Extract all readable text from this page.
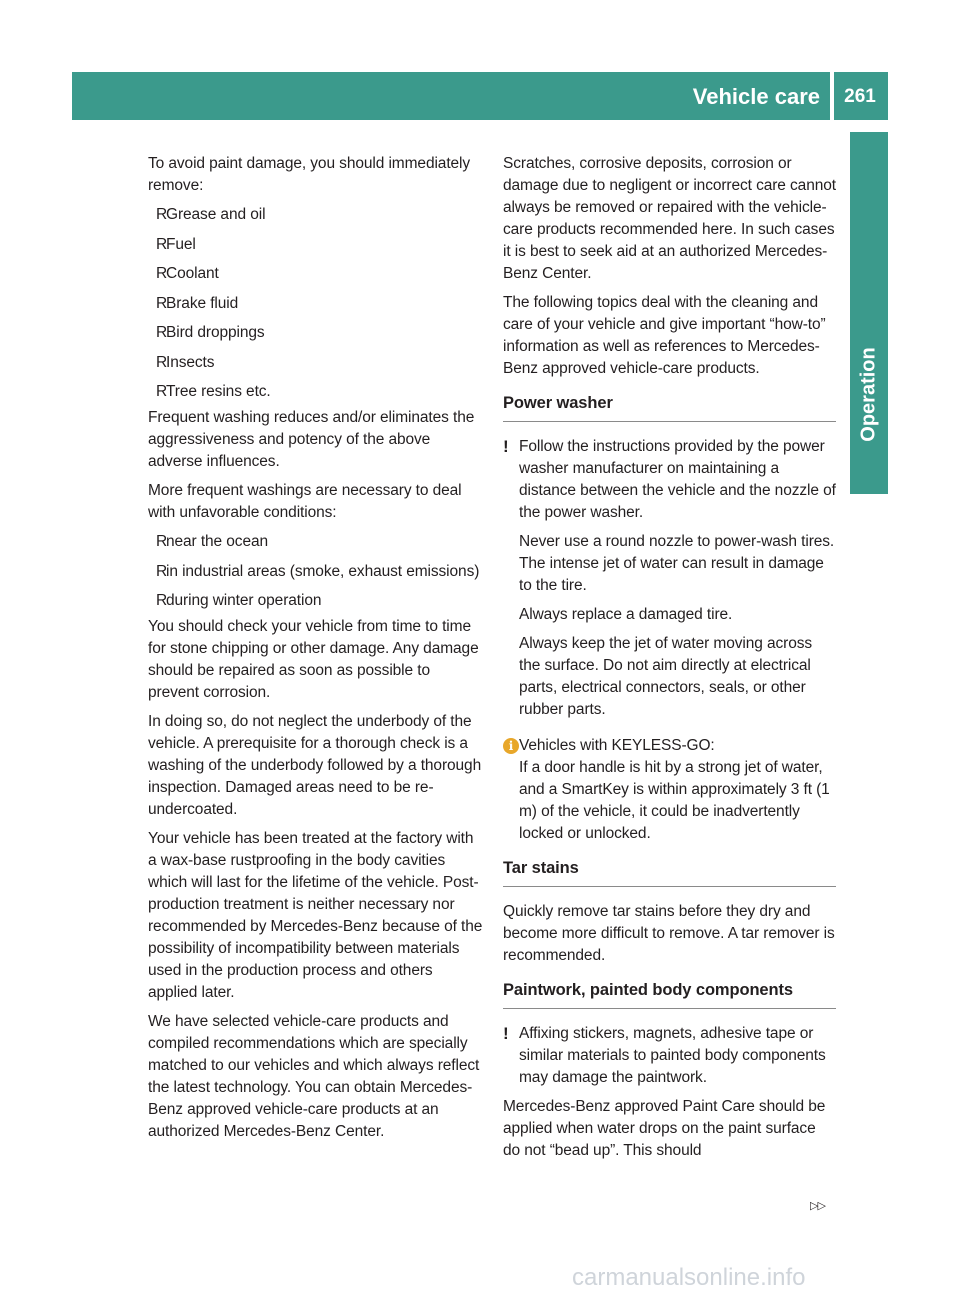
Vehicle care	261
Operation

To avoid paint damage, you should immediately remove:

RGrease and oil
RFuel
RCoolant
RBrake fluid
RBird droppings
RInsects
RTree resins etc.

Frequent washing reduces and/or eliminates the aggressiveness and potency of the above adverse influences.

More frequent washings are necessary to deal with unfavorable conditions:

Rnear the ocean
Rin industrial areas (smoke, exhaust emissions)
Rduring winter operation

You should check your vehicle from time to time for stone chipping or other damage. Any damage should be repaired as soon as possible to prevent corrosion.

In doing so, do not neglect the underbody of the vehicle. A prerequisite for a thorough check is a washing of the underbody followed by a thorough inspection. Damaged areas need to be re-undercoated.

Your vehicle has been treated at the factory with a wax-base rustproofing in the body cavities which will last for the lifetime of the vehicle. Post-production treatment is neither necessary nor recommended by Mercedes-Benz because of the possibility of incompatibility between materials used in the production process and others applied later.

We have selected vehicle-care products and compiled recommendations which are specially matched to our vehicles and which always reflect the latest technology. You can obtain Mercedes-Benz approved vehicle-care products at an authorized Mercedes-Benz Center.

Scratches, corrosive deposits, corrosion or damage due to negligent or incorrect care cannot always be removed or repaired with the vehicle-care products recommended here. In such cases it is best to seek aid at an authorized Mercedes-Benz Center.

The following topics deal with the cleaning and care of your vehicle and give important “how-to” information as well as references to Mercedes-Benz approved vehicle-care products.

Power washer
! Follow the instructions provided by the power washer manufacturer on maintaining a distance between the vehicle and the nozzle of the power washer.

Never use a round nozzle to power-wash tires. The intense jet of water can result in damage to the tire.

Always replace a damaged tire.

Always keep the jet of water moving across the surface. Do not aim directly at electrical parts, electrical connectors, seals, or other rubber parts.

i Vehicles with KEYLESS-GO:

If a door handle is hit by a strong jet of water, and a SmartKey is within approximately 3 ft (1 m) of the vehicle, it could be inadvertently locked or unlocked.

Tar stains

Quickly remove tar stains before they dry and become more difficult to remove. A tar remover is recommended.

Paintwork, painted body components
! Affixing stickers, magnets, adhesive tape or similar materials to painted body components may damage the paintwork.

Mercedes-Benz approved Paint Care should be applied when water drops on the paint surface do not “bead up”. This should

▷▷
carmanualsonline.info
